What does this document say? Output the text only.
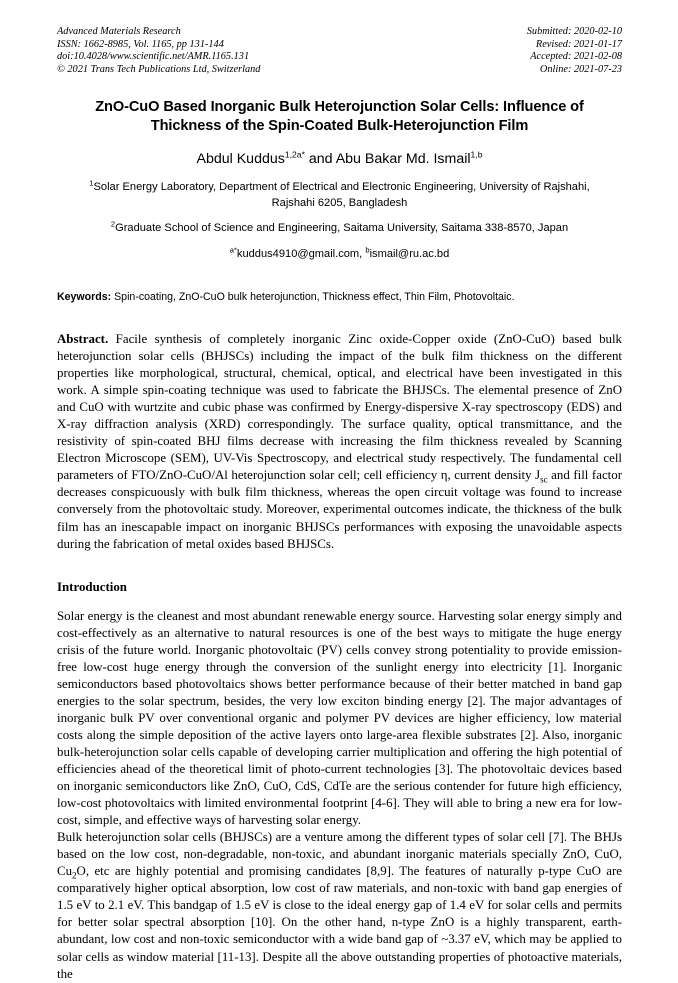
Advanced Materials Research
ISSN: 1662-8985, Vol. 1165, pp 131-144
doi:10.4028/www.scientific.net/AMR.1165.131
© 2021 Trans Tech Publications Ltd, Switzerland
Submitted: 2020-02-10
Revised: 2021-01-17
Accepted: 2021-02-08
Online: 2021-07-23
ZnO-CuO Based Inorganic Bulk Heterojunction Solar Cells: Influence of
Thickness of the Spin-Coated Bulk-Heterojunction Film
Abdul Kuddus$^{1,2a*}$ and Abu Bakar Md. Ismail$^{1,b}$
$^1$Solar Energy Laboratory, Department of Electrical and Electronic Engineering, University of Rajshahi, Rajshahi 6205, Bangladesh
$^2$Graduate School of Science and Engineering, Saitama University, Saitama 338-8570, Japan
$^{a*}$kuddus4910@gmail.com, $^b$ismail@ru.ac.bd
Keywords: Spin-coating, ZnO-CuO bulk heterojunction, Thickness effect, Thin Film, Photovoltaic.
Abstract. Facile synthesis of completely inorganic Zinc oxide-Copper oxide (ZnO-CuO) based bulk heterojunction solar cells (BHJSCs) including the impact of the bulk film thickness on the different properties like morphological, structural, chemical, optical, and electrical have been investigated in this work. A simple spin-coating technique was used to fabricate the BHJSCs. The elemental presence of ZnO and CuO with wurtzite and cubic phase was confirmed by Energy-dispersive X-ray spectroscopy (EDS) and X-ray diffraction analysis (XRD) correspondingly. The surface quality, optical transmittance, and the resistivity of spin-coated BHJ films decrease with increasing the film thickness revealed by Scanning Electron Microscope (SEM), UV-Vis Spectroscopy, and electrical study respectively. The fundamental cell parameters of FTO/ZnO-CuO/Al heterojunction solar cell; cell efficiency η, current density $J_{sc}$ and fill factor decreases conspicuously with bulk film thickness, whereas the open circuit voltage was found to increase conversely from the photovoltaic study. Moreover, experimental outcomes indicate, the thickness of the bulk film has an inescapable impact on inorganic BHJSCs performances with exposing the unavoidable aspects during the fabrication of metal oxides based BHJSCs.
Introduction
Solar energy is the cleanest and most abundant renewable energy source. Harvesting solar energy simply and cost-effectively as an alternative to natural resources is one of the best ways to mitigate the huge energy crisis of the future world. Inorganic photovoltaic (PV) cells convey strong potentiality to provide emission-free low-cost huge energy through the conversion of the sunlight energy into electricity [1]. Inorganic semiconductors based photovoltaics shows better performance because of their better matched in band gap energies to the solar spectrum, besides, the very low exciton binding energy [2]. The major advantages of inorganic bulk PV over conventional organic and polymer PV devices are higher efficiency, low material costs along the simple deposition of the active layers onto large-area flexible substrates [2]. Also, inorganic bulk-heterojunction solar cells capable of developing carrier multiplication and offering the high potential of efficiencies ahead of the theoretical limit of photo-current technologies [3]. The photovoltaic devices based on inorganic semiconductors like ZnO, CuO, CdS, CdTe are the serious contender for future high efficiency, low-cost photovoltaics with limited environmental footprint [4-6]. They will able to bring a new era for low-cost, simple, and effective ways of harvesting solar energy.
Bulk heterojunction solar cells (BHJSCs) are a venture among the different types of solar cell [7]. The BHJs based on the low cost, non-degradable, non-toxic, and abundant inorganic materials specially ZnO, CuO, $Cu_2O$, etc are highly potential and promising candidates [8,9]. The features of naturally p-type CuO are comparatively higher optical absorption, low cost of raw materials, and non-toxic with band gap energies of 1.5 eV to 2.1 eV. This bandgap of 1.5 eV is close to the ideal energy gap of 1.4 eV for solar cells and permits for better solar spectral absorption [10]. On the other hand, n-type ZnO is a highly transparent, earth-abundant, low cost and non-toxic semiconductor with a wide band gap of ~3.37 eV, which may be applied to solar cells as window material [11-13]. Despite all the above outstanding properties of photoactive materials, the
